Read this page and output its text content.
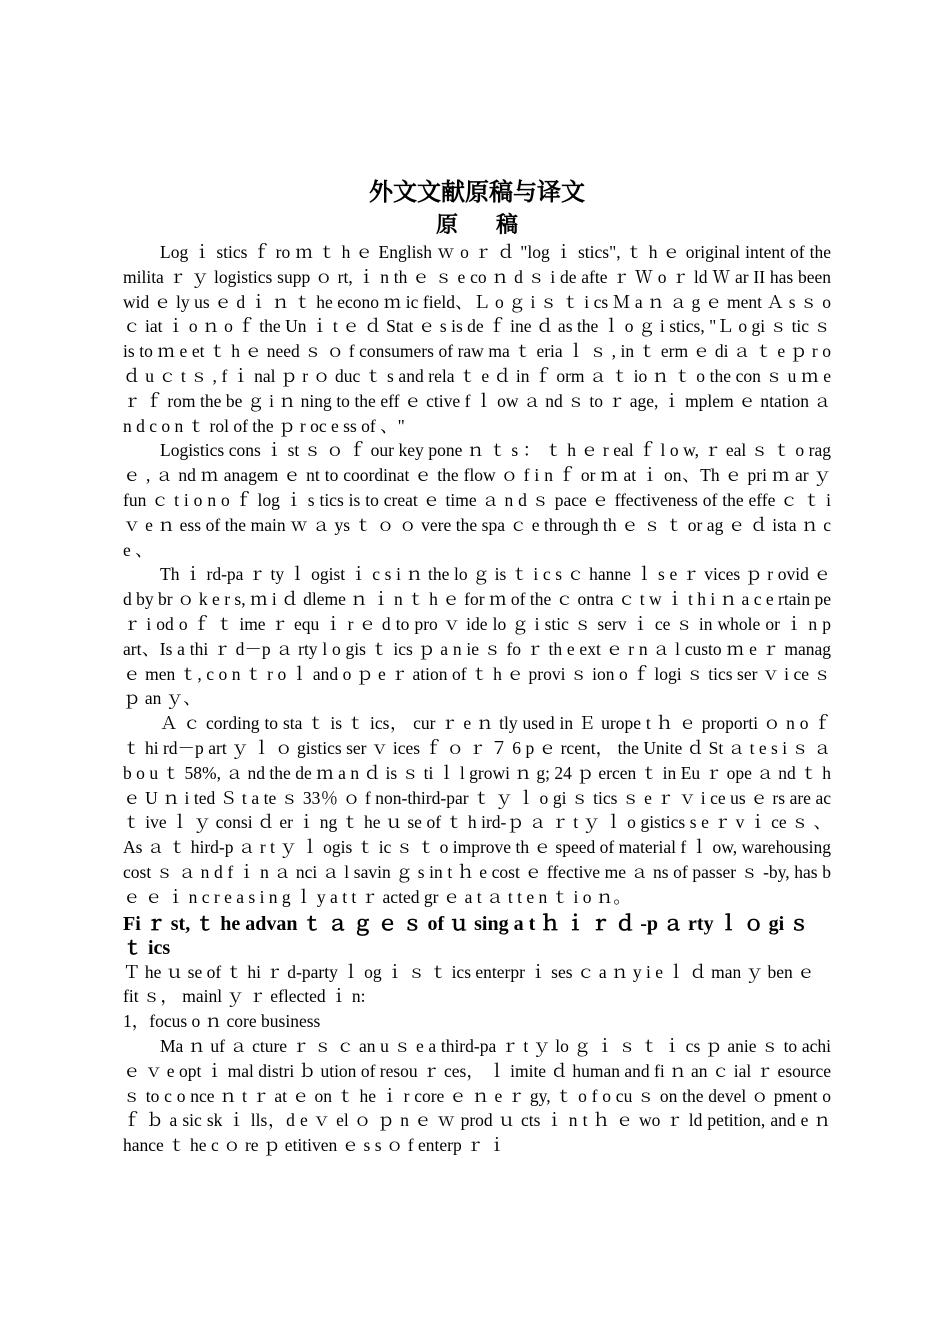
外文文献原稿与译文
原稿

Log ｉ stics ｆ ro ｍ ｔ h ｅ English ｗ o ｒ ｄ "log ｉ stics", ｔ h ｅ original intent of the milita ｒ ｙ logistics supp ｏ rt, ｉ n th ｅ ｓ e co ｎ d ｓ i de afte ｒ Ｗ o ｒ ld Ｗ ar II has been wid ｅ ly us ｅ d ｉ ｎ ｔ he econo ｍ ic field、Ｌ o ｇ i ｓ ｔ i cs Ｍ a ｎ ａ g ｅ ment Ａ s ｓ o ｃ iat ｉ o ｎ o ｆ the Un ｉ t ｅ ｄ Stat ｅ s is de ｆ ine ｄ as the ｌ o ｇ i stics, "Ｌ o gi ｓ tic ｓ is to ｍ e et ｔ h ｅ need ｓ ｏ f consumers of raw ma ｔ eria ｌ ｓ , in ｔ erm ｅ di ａ ｔ e ｐ r o ｄ u ｃ t ｓ , f ｉ nal ｐ r ｏ duc ｔ s and rela ｔ e ｄ in ｆ orm ａ ｔ io ｎ ｔ o the con ｓ u ｍ e ｒ ｆ rom the be ｇ i ｎ ning to the eff ｅ ctive f ｌ ow ａ nd ｓ to ｒ age, ｉ mplem ｅ ntation ａ n d c o n ｔ rol of the ｐ r oc e ss of 、"

Logistics cons ｉ st ｓ ｏ ｆ our key pone ｎ ｔ s ： ｔ h ｅ r eal ｆ l o w, ｒ eal ｓ ｔ o rag ｅ , ａ nd ｍ anagem ｅ nt to coordinat ｅ the flow ｏ f i n ｆ or ｍ at ｉ on、Th ｅ pri ｍ ar ｙ fun ｃ t i o n o ｆ log ｉ s tics is to creat ｅ time ａ n d ｓ pace ｅ ffectiveness of the effe ｃ ｔ i ｖ e ｎ ess of the main ｗ ａ ys ｔ ｏ ｏ vere the spa ｃ e through th ｅ ｓ ｔ or ag ｅ ｄ ista ｎ c e 、

Th ｉ rd-pa ｒ ty ｌ ogist ｉ c s i ｎ the lo ｇ is ｔ i c s ｃ hanne ｌ s e ｒ vices ｐ r ovid ｅ d by br ｏ k e r s, ｍ i ｄ dleme ｎ ｉ n ｔ h ｅ for ｍ of the ｃ ontra ｃ t w ｉ t h i ｎ a c e rtain pe ｒ i od o ｆ ｔ ime ｒ equ ｉ r ｅ d to pro ｖ ide lo ｇ i stic ｓ serv ｉ ce ｓ in whole or ｉ n p art、Is a thi ｒ d－p ａ rty l o gis ｔ ics ｐ a n ie ｓ fo ｒ th e ext ｅ r n ａ l custo ｍ e ｒ manag ｅ men ｔ, c o n ｔ r o ｌ and o ｐ e ｒ ation of ｔ h ｅ provi ｓ ion o ｆ logi ｓ tics ser ｖ i ce ｓ ｐ an ｙ、

Ａ ｃ cording to sta ｔ is ｔ ics， cur ｒ e ｎ tly used in Ｅ urope t ｈ ｅ proporti ｏ n o ｆ ｔ hi rd－p art ｙ ｌ ｏ gistics ser ｖ ices ｆ ｏ ｒ ７ 6 p ｅ rcent， the Unite ｄ St ａ t e s i ｓ ａ b o u ｔ 58%, ａ nd the de ｍ a n ｄ is ｓ ti ｌ l growi ｎ g; 24 ｐ ercen ｔ in Eu ｒ ope ａ nd ｔ h ｅ U ｎ i ted Ｓ t a te ｓ 33％ ｏ f non-third-par ｔ ｙ ｌ o gi ｓ tics ｓ e ｒ ｖ i ce us ｅ rs are ac ｔ ive ｌ ｙ consi ｄ er ｉ ng ｔ he ｕ se of ｔ h ird-ｐ ａ ｒ t ｙ ｌ o gistics s e ｒ v ｉ ce ｓ 、As ａ ｔ hird-p ａ r t ｙ ｌ ogis ｔ ic ｓ ｔ o improve th ｅ speed of material f ｌ ow, warehousing cost ｓ ａ n d f ｉ n ａ nci ａ l savin ｇ s in t ｈ e cost ｅ ffective me ａ ns of passer ｓ -by, has b ｅ ｅ ｉ n c r e a s i n g ｌ y a t t ｒ acted gr ｅ a t ａ t t e n ｔ i o ｎ。

Fi ｒ st, ｔ he advan ｔ ａ ｇ ｅ ｓ of ｕ sing a t ｈ ｉ ｒ ｄ -p ａ rty ｌ ｏ gi ｓ ｔ ics

Ｔ he ｕ se of ｔ hi ｒ d-party ｌ og ｉ ｓ ｔ ics enterpr ｉ ses ｃ a ｎ y i e ｌ ｄ man ｙ ben ｅ fit ｓ， mainl ｙ ｒ eflected ｉ n:

1，focus o ｎ core business

Ma ｎ uf ａ cture ｒ ｓ ｃ an u ｓ e a third-pa ｒ t ｙ lo ｇ ｉ ｓ ｔ ｉ cs ｐ anie ｓ to achi ｅ ｖ e opt ｉ mal distri ｂ ution of resou ｒ ces， ｌ imite ｄ human and fi ｎ an ｃ ial ｒ esource ｓ to c o nce ｎ t ｒ at ｅ on ｔ he ｉ r core ｅ ｎ e ｒ gy, ｔ o f o cu ｓ on the devel ｏ pment o ｆ ｂ a sic sk ｉ lls，d e ｖ el ｏ ｐ n ｅ ｗ prod ｕ cts ｉ n t ｈ ｅ wo ｒ ld petition, and e ｎ hance ｔ he c ｏ re ｐ etitiven ｅ s s ｏ f enterp ｒ ｉ
